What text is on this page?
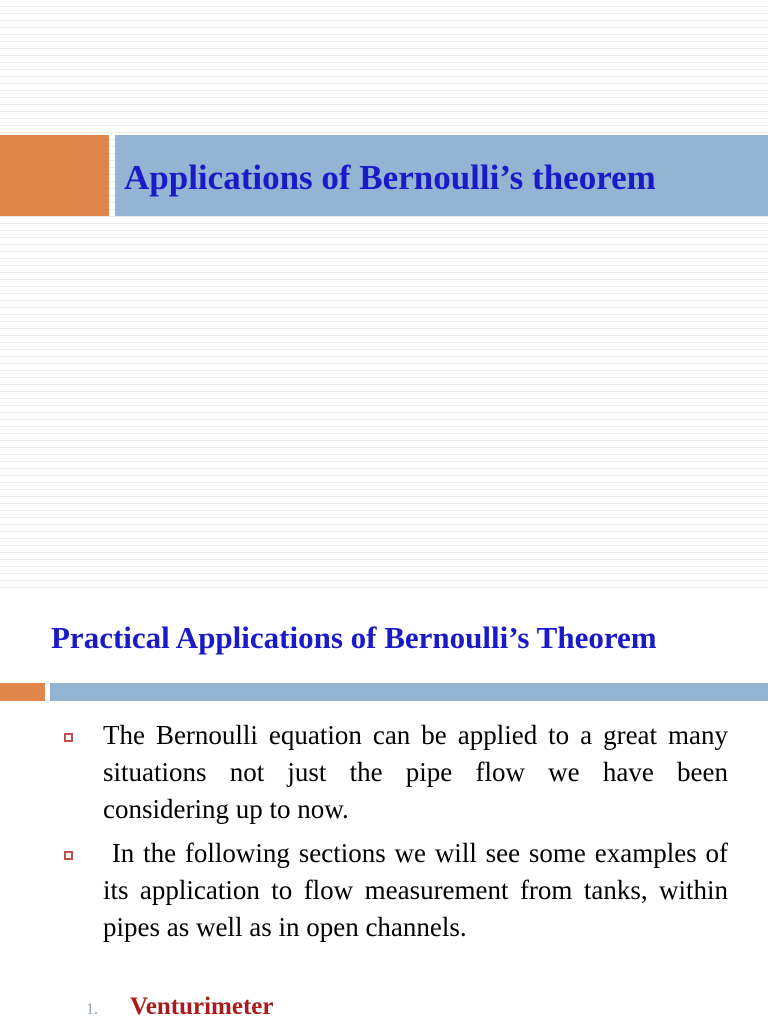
Applications of Bernoulli’s theorem
Practical Applications of Bernoulli’s Theorem
The Bernoulli equation can be applied to a great many situations not just the pipe flow we have been considering up to now.
In the following sections we will see some examples of its application to flow measurement from tanks, within pipes as well as in open channels.
1. Venturimeter
